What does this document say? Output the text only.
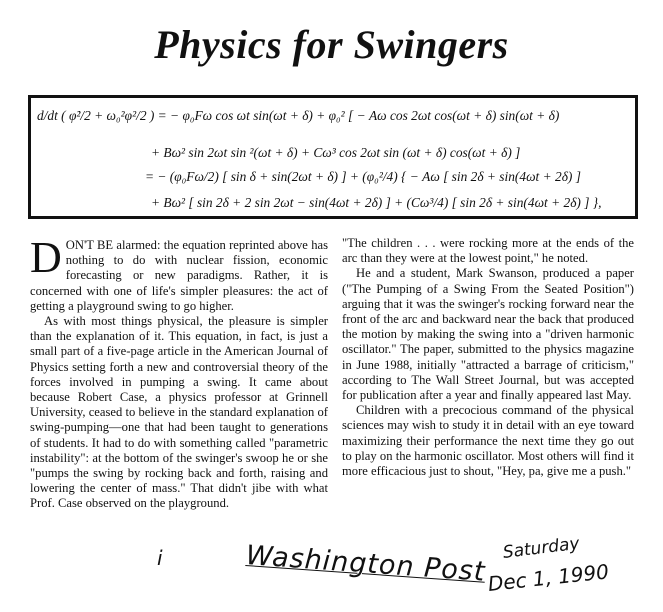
Physics for Swingers
d/dt ( φ̇²/2 + ω₀²φ²/2 ) = − φ₀Fω cos ωt sin(ωt + δ) + φ₀² [ − Aω cos 2ωt cos(ωt + δ) sin(ωt + δ)
+ Bω² sin 2ωt sin ²(ωt + δ) + Cω³ cos 2ωt sin (ωt + δ) cos(ωt + δ) ]
= − (φ₀Fω/2) [ sin δ + sin(2ωt + δ) ] + (φ₀²/4) { − Aω [ sin 2δ + sin(4ωt + 2δ) ]
+ Bω² [ sin 2δ + 2 sin 2ωt − sin(4ωt + 2δ) ] + (Cω³/4) [ sin 2δ + sin(4ωt + 2δ) ] },

DON'T BE alarmed: the equation reprinted above has nothing to do with nuclear fission, economic forecasting or new paradigms. Rather, it is concerned with one of life's simpler pleasures: the act of getting a playground swing to go higher.

As with most things physical, the pleasure is simpler than the explanation of it. This equation, in fact, is just a small part of a five-page article in the American Journal of Physics setting forth a new and controversial theory of the forces involved in pumping a swing. It came about because Robert Case, a physics professor at Grinnell University, ceased to believe in the standard explanation of swing-pumping—one that had been taught to generations of students. It had to do with something called "parametric instability": at the bottom of the swinger's swoop he or she "pumps the swing by rocking back and forth, raising and lowering the center of mass." That didn't jibe with what Prof. Case observed on the playground.

"The children . . . were rocking more at the ends of the arc than they were at the lowest point," he noted.

He and a student, Mark Swanson, produced a paper ("The Pumping of a Swing From the Seated Position") arguing that it was the swinger's rocking forward near the front of the arc and backward near the back that produced the motion by making the swing into a "driven harmonic oscillator." The paper, submitted to the physics magazine in June 1988, initially "attracted a barrage of criticism," according to The Wall Street Journal, but was accepted for publication after a year and finally appeared last May.

Children with a precocious command of the physical sciences may wish to study it in detail with an eye toward maximizing their performance the next time they go out to play on the harmonic oscillator. Most others will find it more efficacious just to shout, "Hey, pa, give me a push."

i	Washington Post Saturday
Dec 1, 1990
